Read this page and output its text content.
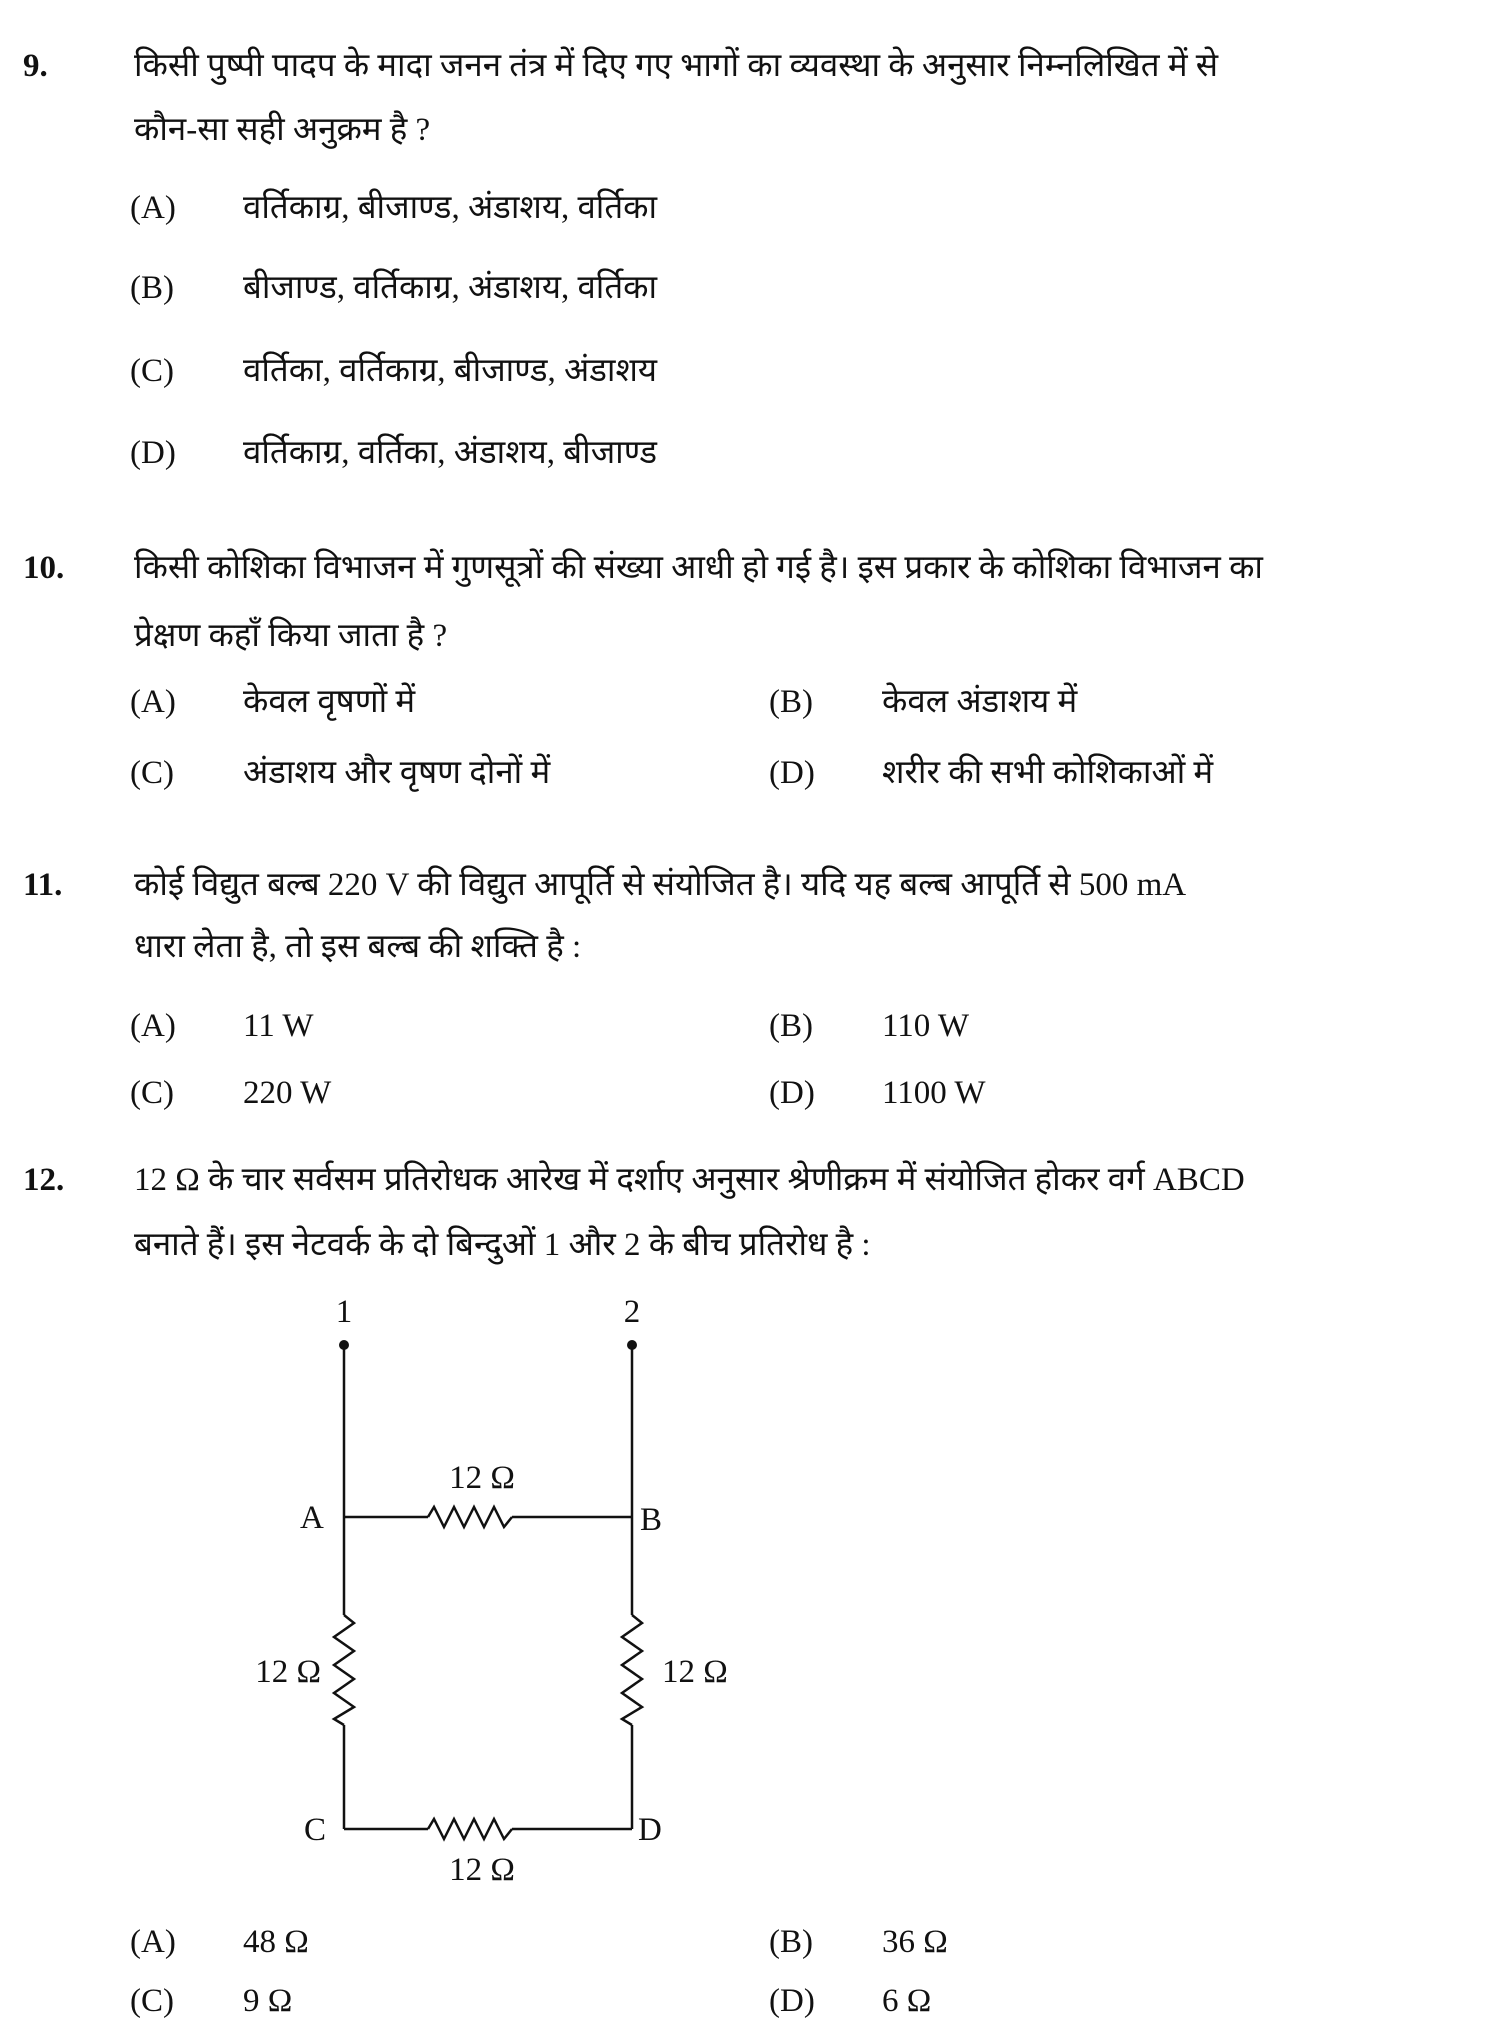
9.	किसी पुष्पी पादप के मादा जनन तंत्र में दिए गए भागों का व्यवस्था के अनुसार निम्नलिखित में से
कौन-सा सही अनुक्रम है ?
(A) वर्तिकाग्र, बीजाण्ड, अंडाशय, वर्तिका
(B) बीजाण्ड, वर्तिकाग्र, अंडाशय, वर्तिका
(C) वर्तिका, वर्तिकाग्र, बीजाण्ड, अंडाशय
(D) वर्तिकाग्र, वर्तिका, अंडाशय, बीजाण्ड
10. किसी कोशिका विभाजन में गुणसूत्रों की संख्या आधी हो गई है। इस प्रकार के कोशिका विभाजन का
प्रेक्षण कहाँ किया जाता है ?
(A) केवल वृषणों में	(B) केवल अंडाशय में
(C) अंडाशय और वृषण दोनों में	(D) शरीर की सभी कोशिकाओं में
11. कोई विद्युत बल्ब 220 V की विद्युत आपूर्ति से संयोजित है। यदि यह बल्ब आपूर्ति से 500 mA
धारा लेता है, तो इस बल्ब की शक्ति है :
(A) 11 W	(B) 110 W
(C) 220 W	(D) 1100 W
12. 12 Ω के चार सर्वसम प्रतिरोधक आरेख में दर्शाए अनुसार श्रेणीक्रम में संयोजित होकर वर्ग ABCD
बनाते हैं। इस नेटवर्क के दो बिन्दुओं 1 और 2 के बीच प्रतिरोध है :
1	2
A	B
C	D
12 Ω
12 Ω	12 Ω
12 Ω
(A) 48 Ω	(B) 36 Ω
(C) 9 Ω	(D) 6 Ω
